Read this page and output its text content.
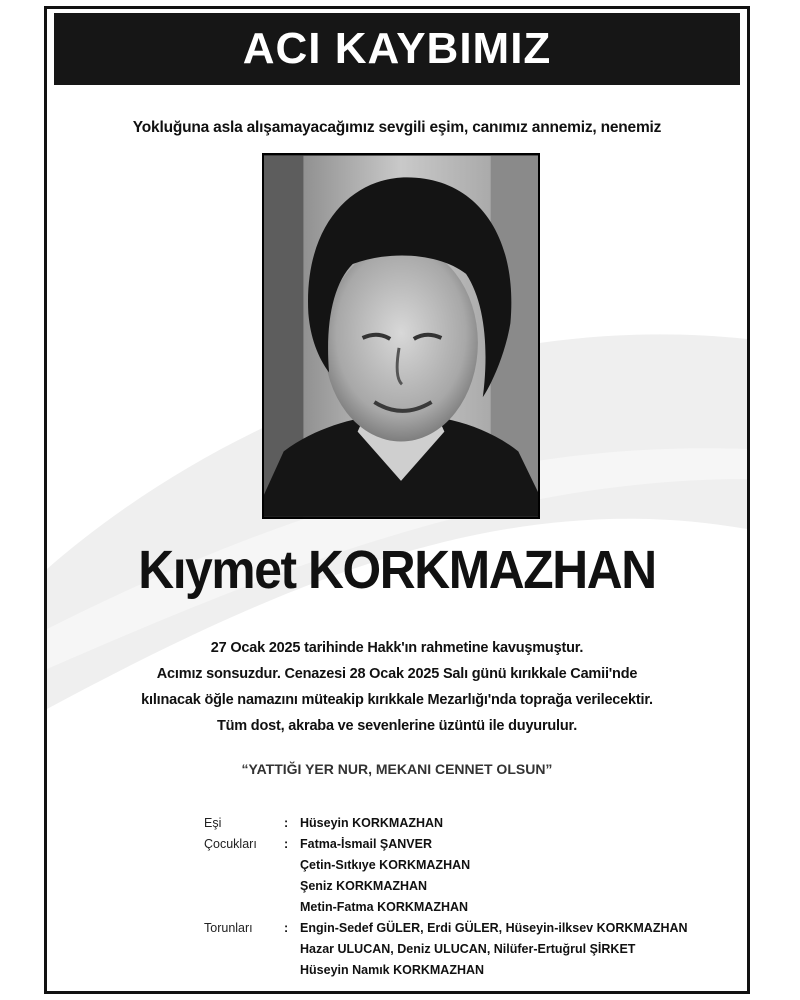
ACI KAYBIMIZ
Yokluğuna asla alışamayacağımız sevgili eşim, canımız annemiz, nenemiz
Kıymet KORKMAZHAN
27 Ocak 2025 tarihinde Hakk'ın rahmetine kavuşmuştur.
Acımız sonsuzdur. Cenazesi 28 Ocak 2025 Salı günü kırıkkale Camii'nde
kılınacak öğle namazını müteakip kırıkkale Mezarlığı'nda toprağa verilecektir.
Tüm dost, akraba ve sevenlerine üzüntü ile duyurulur.
“YATTIĞI YER NUR, MEKANI CENNET OLSUN”
Eşi	: Hüseyin KORKMAZHAN
Çocukları	: Fatma-İsmail ŞANVER
Çetin-Sıtkıye KORKMAZHAN
Şeniz KORKMAZHAN
Metin-Fatma KORKMAZHAN
Torunları	: Engin-Sedef GÜLER, Erdi GÜLER, Hüseyin-ilksev KORKMAZHAN
Hazar ULUCAN, Deniz ULUCAN, Nilüfer-Ertuğrul ŞİRKET
Hüseyin Namık KORKMAZHAN
